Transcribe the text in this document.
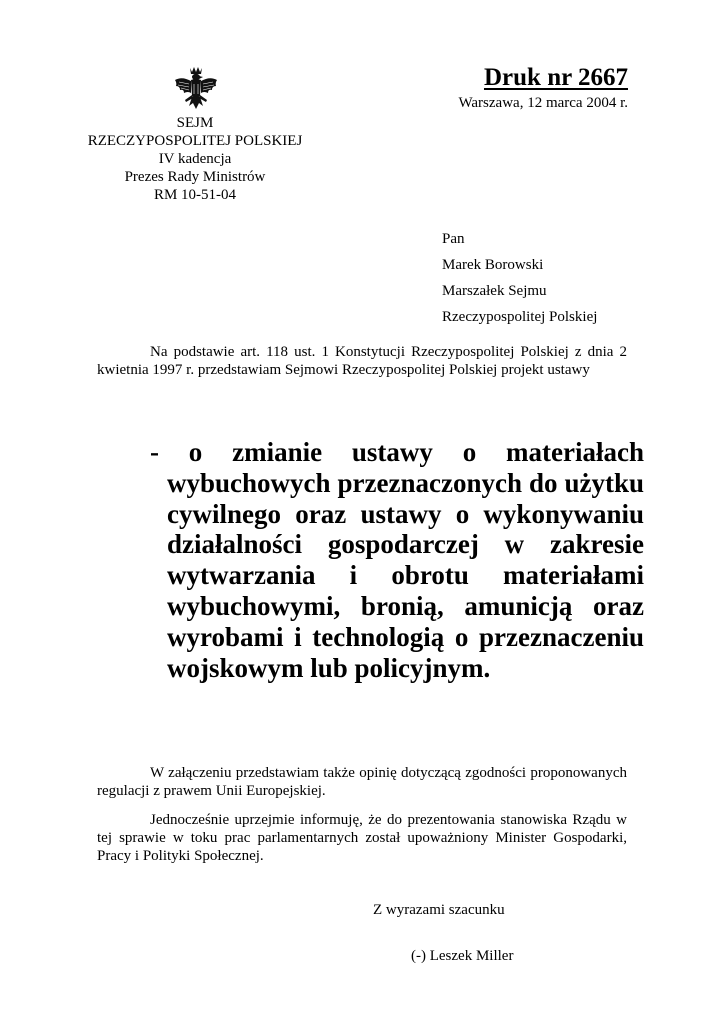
SEJM
RZECZYPOSPOLITEJ POLSKIEJ
IV kadencja
Prezes Rady Ministrów
RM 10-51-04
Druk nr 2667
Warszawa, 12 marca 2004 r.
Pan
Marek Borowski
Marszałek Sejmu
Rzeczypospolitej Polskiej
Na podstawie art. 118 ust. 1 Konstytucji Rzeczypospolitej Polskiej z dnia 2 kwietnia 1997 r. przedstawiam Sejmowi Rzeczypospolitej Polskiej projekt ustawy
- o zmianie ustawy o materiałach wybuchowych przeznaczonych do użytku cywilnego oraz ustawy o wykonywaniu działalności gospodarczej w zakresie wytwarzania i obrotu materiałami wybuchowymi, bronią, amunicją oraz wyrobami i technologią o przeznaczeniu wojskowym lub policyjnym.
W załączeniu przedstawiam także opinię dotyczącą zgodności proponowanych regulacji z prawem Unii Europejskiej.
Jednocześnie uprzejmie informuję, że do prezentowania stanowiska Rządu w tej sprawie w toku prac parlamentarnych został upoważniony Minister Gospodarki, Pracy i Polityki Społecznej.
Z wyrazami szacunku
(-) Leszek Miller
